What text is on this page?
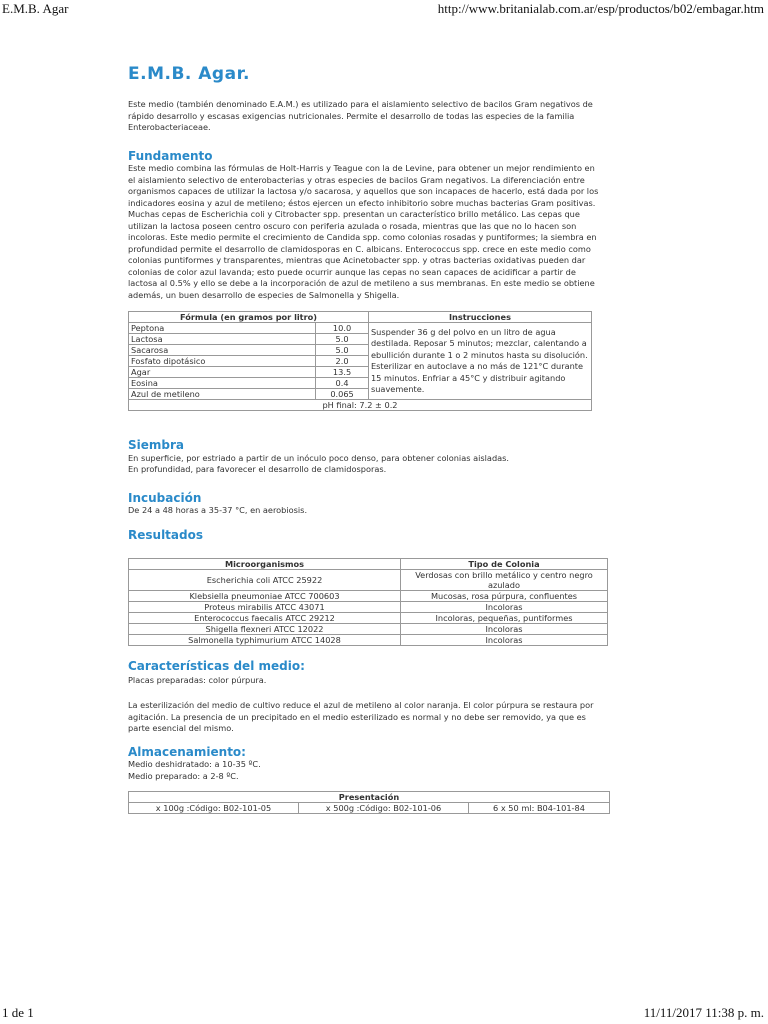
E.M.B. Agar	http://www.britanialab.com.ar/esp/productos/b02/embagar.htm
E.M.B. Agar.

Este medio (también denominado E.A.M.) es utilizado para el aislamiento selectivo de bacilos Gram negativos de rápido desarrollo y escasas exigencias nutricionales. Permite el desarrollo de todas las especies de la familia Enterobacteriaceae.

Fundamento

Este medio combina las fórmulas de Holt-Harris y Teague con la de Levine, para obtener un mejor rendimiento en el aislamiento selectivo de enterobacterias y otras especies de bacilos Gram negativos. La diferenciación entre organismos capaces de utilizar la lactosa y/o sacarosa, y aquellos que son incapaces de hacerlo, está dada por los indicadores eosina y azul de metileno; éstos ejercen un efecto inhibitorio sobre muchas bacterias Gram positivas. Muchas cepas de Escherichia coli y Citrobacter spp. presentan un característico brillo metálico. Las cepas que utilizan la lactosa poseen centro oscuro con periferia azulada o rosada, mientras que las que no lo hacen son incoloras. Este medio permite el crecimiento de Candida spp. como colonias rosadas y puntiformes; la siembra en profundidad permite el desarrollo de clamidosporas en C. albicans. Enterococcus spp. crece en este medio como colonias puntiformes y transparentes, mientras que Acinetobacter spp. y otras bacterias oxidativas pueden dar colonias de color azul lavanda; esto puede ocurrir aunque las cepas no sean capaces de acidificar a partir de lactosa al 0.5% y ello se debe a la incorporación de azul de metileno a sus membranas. En este medio se obtiene además, un buen desarrollo de especies de Salmonella y Shigella.

Fórmula (en gramos por litro)		Instrucciones
Peptona	10.0	Suspender 36 g del polvo en un litro de agua destilada. Reposar 5 minutos; mezclar, calentando a ebullición durante 1 o 2 minutos hasta su disolución. Esterilizar en autoclave a no más de 121°C durante 15 minutos. Enfriar a 45°C y distribuir agitando suavemente.
Lactosa	5.0	
Sacarosa	5.0	
Fosfato dipotásico	2.0	
Agar	13.5	
Eosina	0.4	
Azul de metileno	0.065	
pH final: 7.2 ± 0.2		
Siembra

En superficie, por estriado a partir de un inóculo poco denso, para obtener colonias aisladas.

En profundidad, para favorecer el desarrollo de clamidosporas.

Incubación

De 24 a 48 horas a 35-37 °C, en aerobiosis.

Resultados
Microorganismos	Tipo de Colonia
Escherichia coli ATCC 25922	Verdosas con brillo metálico y centro negro azulado
Klebsiella pneumoniae ATCC 700603	Mucosas, rosa púrpura, confluentes
Proteus mirabilis ATCC 43071	Incoloras
Enterococcus faecalis ATCC 29212	Incoloras, pequeñas, puntiformes
Shigella flexneri ATCC 12022	Incoloras
Salmonella typhimurium ATCC 14028	Incoloras
Características del medio:

Placas preparadas: color púrpura.

La esterilización del medio de cultivo reduce el azul de metileno al color naranja. El color púrpura se restaura por agitación. La presencia de un precipitado en el medio esterilizado es normal y no debe ser removido, ya que es parte esencial del mismo.

Almacenamiento:

Medio deshidratado: a 10-35 ºC.

Medio preparado: a 2-8 ºC.

Presentación
x 100g :Código: B02-101-05	x 500g :Código: B02-101-06	6 x 50 ml: B04-101-84
1 de 1	11/11/2017 11:38 p. m.
